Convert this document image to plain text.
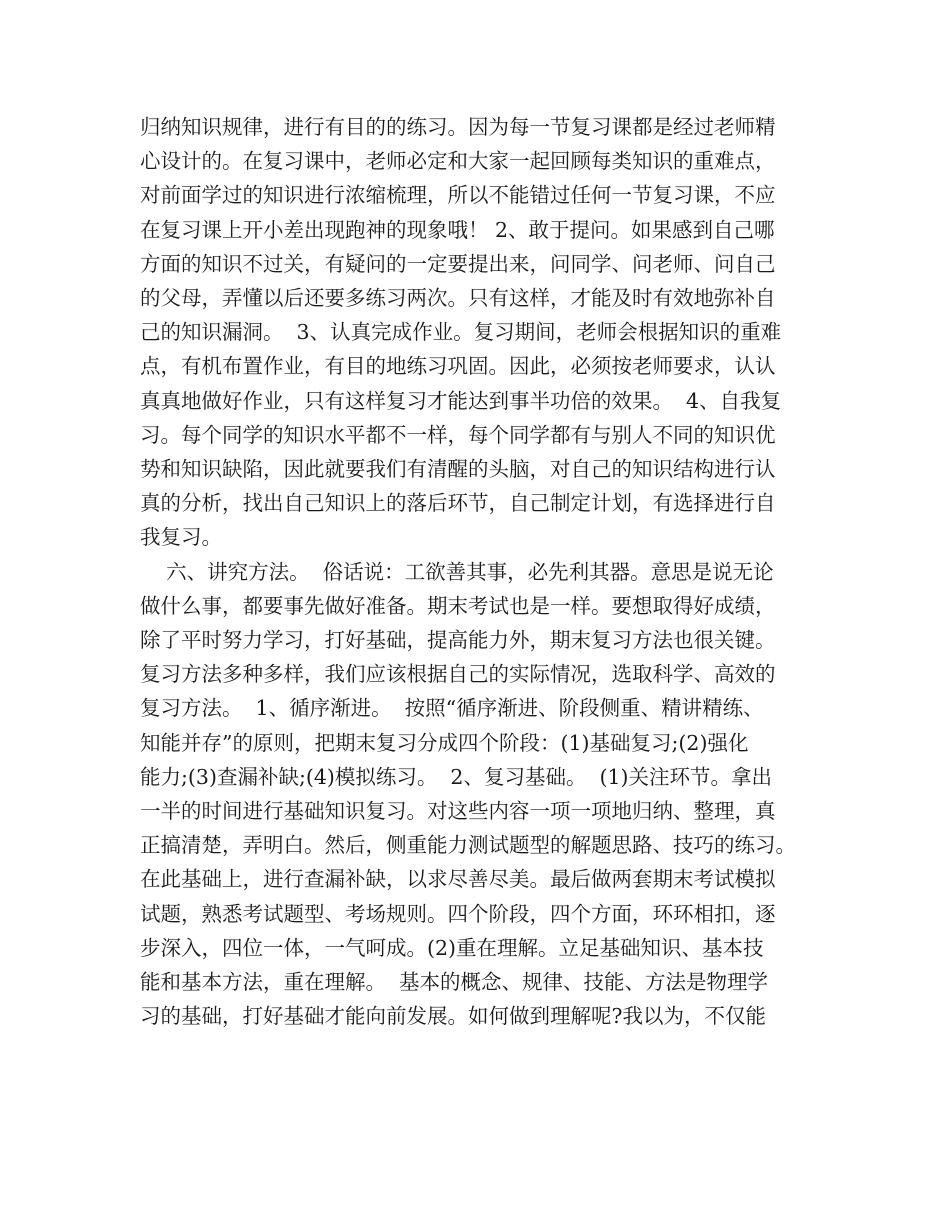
归纳知识规律，进行有目的的练习。因为每一节复习课都是经过老师精
心设计的。在复习课中，老师必定和大家一起回顾每类知识的重难点，
对前面学过的知识进行浓缩梳理，所以不能错过任何一节复习课，不应
在复习课上开小差出现跑神的现象哦！ 2、敢于提问。如果感到自己哪
方面的知识不过关，有疑问的一定要提出来，问同学、问老师、问自己
的父母，弄懂以后还要多练习两次。只有这样，才能及时有效地弥补自
己的知识漏洞。  3、认真完成作业。复习期间，老师会根据知识的重难
点，有机布置作业，有目的地练习巩固。因此，必须按老师要求，认认
真真地做好作业，只有这样复习才能达到事半功倍的效果。  4、自我复
习。每个同学的知识水平都不一样，每个同学都有与别人不同的知识优
势和知识缺陷，因此就要我们有清醒的头脑，对自己的知识结构进行认
真的分析，找出自己知识上的落后环节，自己制定计划，有选择进行自
我复习。
六、讲究方法。  俗话说：工欲善其事，必先利其器。意思是说无论
做什么事，都要事先做好准备。期末考试也是一样。要想取得好成绩，
除了平时努力学习，打好基础，提高能力外，期末复习方法也很关键。
复习方法多种多样，我们应该根据自己的实际情况，选取科学、高效的
复习方法。  1、循序渐进。  按照“循序渐进、阶段侧重、精讲精练、
知能并存”的原则，把期末复习分成四个阶段：(1)基础复习;(2)强化
能力;(3)查漏补缺;(4)模拟练习。  2、复习基础。  (1)关注环节。拿出
一半的时间进行基础知识复习。对这些内容一项一项地归纳、整理，真
正搞清楚，弄明白。然后，侧重能力测试题型的解题思路、技巧的练习。
在此基础上，进行查漏补缺，以求尽善尽美。最后做两套期末考试模拟
试题，熟悉考试题型、考场规则。四个阶段，四个方面，环环相扣，逐
步深入，四位一体，一气呵成。(2)重在理解。立足基础知识、基本技
能和基本方法，重在理解。  基本的概念、规律、技能、方法是物理学
习的基础，打好基础才能向前发展。如何做到理解呢?我以为，不仅能
